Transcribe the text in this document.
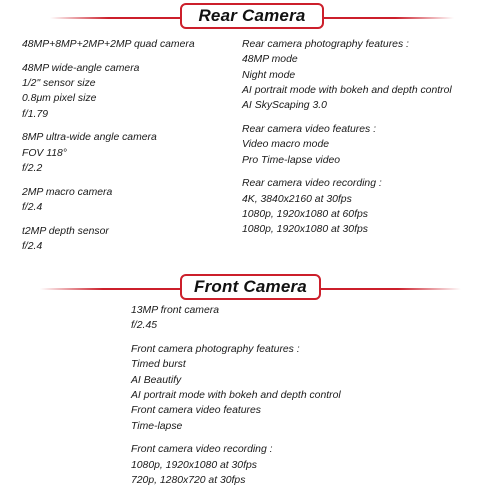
Rear Camera
48MP+8MP+2MP+2MP quad camera
48MP wide-angle camera
1/2" sensor size
0.8μm pixel size
f/1.79
8MP ultra-wide angle camera
FOV 118°
f/2.2
2MP macro camera
f/2.4
t2MP depth sensor
f/2.4
Rear camera photography features :
48MP mode
Night mode
AI portrait mode with bokeh and depth control
AI SkyScaping 3.0
Rear camera video features :
Video macro mode
Pro Time-lapse video
Rear camera video recording :
4K, 3840x2160 at 30fps
1080p, 1920x1080 at 60fps
1080p, 1920x1080 at 30fps
Front Camera
13MP front camera
f/2.45
Front camera photography features :
Timed burst
AI Beautify
AI portrait mode with bokeh and depth control
Front camera video features
Time-lapse
Front camera video recording :
1080p, 1920x1080 at 30fps
720p, 1280x720 at 30fps
